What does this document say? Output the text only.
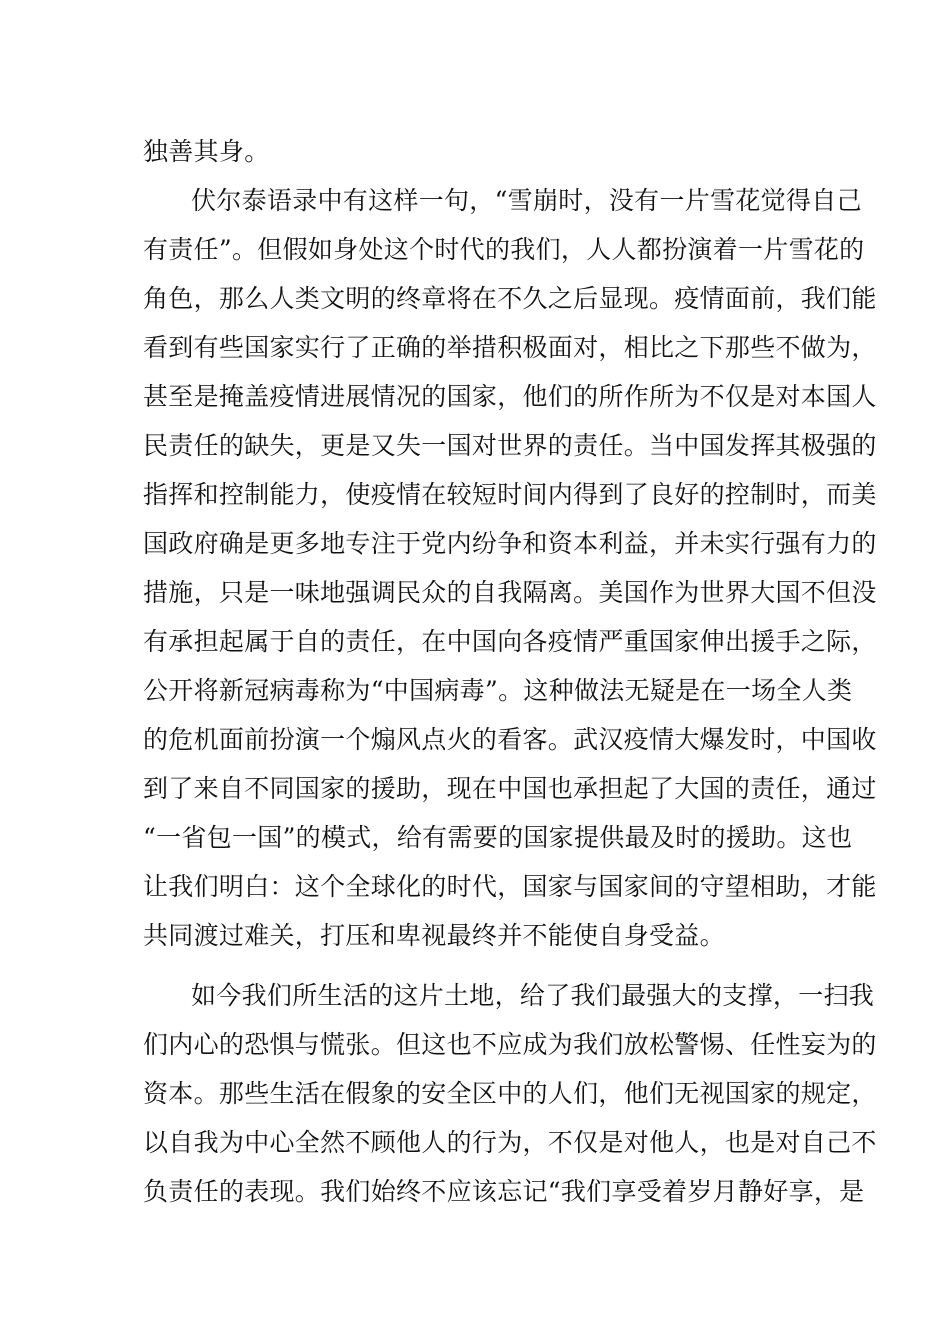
独善其身。
伏尔泰语录中有这样一句，“雪崩时，没有一片雪花觉得自己
有责任”。但假如身处这个时代的我们，人人都扮演着一片雪花的
角色，那么人类文明的终章将在不久之后显现。疫情面前，我们能
看到有些国家实行了正确的举措积极面对，相比之下那些不做为，
甚至是掩盖疫情进展情况的国家，他们的所作所为不仅是对本国人
民责任的缺失，更是又失一国对世界的责任。当中国发挥其极强的
指挥和控制能力，使疫情在较短时间内得到了良好的控制时，而美
国政府确是更多地专注于党内纷争和资本利益，并未实行强有力的
措施，只是一味地强调民众的自我隔离。美国作为世界大国不但没
有承担起属于自的责任，在中国向各疫情严重国家伸出援手之际，
公开将新冠病毒称为“中国病毒”。这种做法无疑是在一场全人类
的危机面前扮演一个煽风点火的看客。武汉疫情大爆发时，中国收
到了来自不同国家的援助，现在中国也承担起了大国的责任，通过
“一省包一国”的模式，给有需要的国家提供最及时的援助。这也
让我们明白：这个全球化的时代，国家与国家间的守望相助，才能
共同渡过难关，打压和卑视最终并不能使自身受益。
如今我们所生活的这片土地，给了我们最强大的支撑，一扫我
们内心的恐惧与慌张。但这也不应成为我们放松警惕、任性妄为的
资本。那些生活在假象的安全区中的人们，他们无视国家的规定，
以自我为中心全然不顾他人的行为，不仅是对他人，也是对自己不
负责任的表现。我们始终不应该忘记“我们享受着岁月静好享，是
